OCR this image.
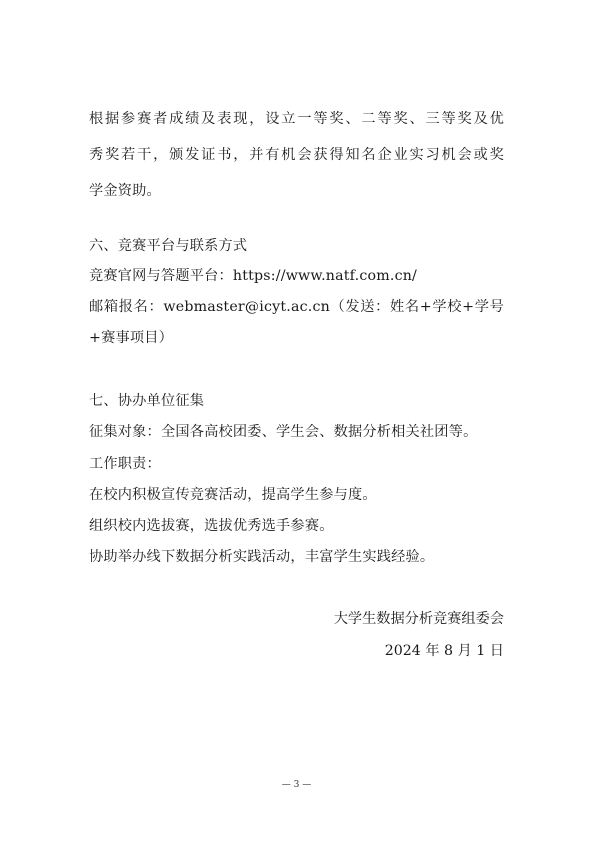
根据参赛者成绩及表现，设立一等奖、二等奖、三等奖及优
秀奖若干，颁发证书，并有机会获得知名企业实习机会或奖
学金资助。
六、竞赛平台与联系方式
竞赛官网与答题平台：https://www.natf.com.cn/
邮箱报名：webmaster@icyt.ac.cn（发送：姓名+学校+学号
+赛事项目）
七、协办单位征集
征集对象：全国各高校团委、学生会、数据分析相关社团等。
工作职责：
在校内积极宣传竞赛活动，提高学生参与度。
组织校内选拔赛，选拔优秀选手参赛。
协助举办线下数据分析实践活动，丰富学生实践经验。
大学生数据分析竞赛组委会
2024 年 8 月 1 日
— 3 —
